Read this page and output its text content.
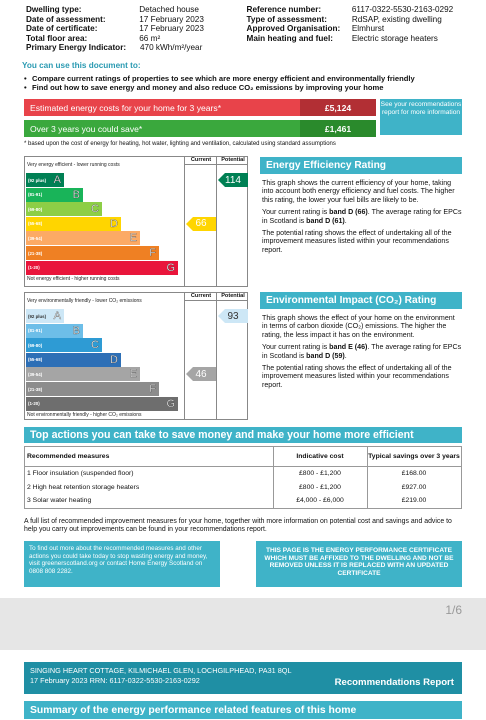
Dwelling type:	Detached house	Reference number:	6117-0322-5530-2163-0292
Date of assessment:	17 February 2023	Type of assessment:	RdSAP, existing dwelling
Date of certificate:	17 February 2023	Approved Organisation:	Elmhurst
Total floor area:	66 m²	Main heating and fuel:	Electric storage heaters
Primary Energy Indicator:	470 kWh/m²/year
You can use this document to:
• Compare current ratings of properties to see which are more energy efficient and environmentally friendly
• Find out how to save energy and money and also reduce CO₂ emissions by improving your home
Estimated energy costs for your home for 3 years*	£5,124
Over 3 years you could save*	£1,461
See your recommendations report for more information
* based upon the cost of energy for heating, hot water, lighting and ventilation, calculated using standard assumptions
Current	Potential
Very energy efficient - lower running costs
(92 plus) A
(81-91)	B
(69-80)	C
(55-68)	D
(39-54)	E
(21-38)	F
(1-20)	G
Not energy efficient - higher running costs
66
114
Energy Efficiency Rating

This graph shows the current efficiency of your home, taking into account both energy efficiency and fuel costs. The higher this rating, the lower your fuel bills are likely to be.

Your current rating is band D (66). The average rating for EPCs in Scotland is band D (61).

The potential rating shows the effect of undertaking all of the improvement measures listed within your recommendations report.

Current	Potential
Very environmentally friendly - lower CO₂ emissions
(92 plus) A
(81-91)	B
(69-80)	C
(55-68)	D
(39-54)	E
(21-38)	F
(1-20)	G
Not environmentally friendly - higher CO₂ emissions
46
93
Environmental Impact (CO₂) Rating

This graph shows the effect of your home on the environment in terms of carbon dioxide (CO₂) emissions. The higher the rating, the less impact it has on the environment.

Your current rating is band E (46). The average rating for EPCs in Scotland is band D (59).

The potential rating shows the effect of undertaking all of the improvement measures listed within your recommendations report.

Top actions you can take to save money and make your home more efficient
Recommended measures	Indicative cost	Typical savings over 3 years
1 Floor insulation (suspended floor)	£800 - £1,200	£168.00
2 High heat retention storage heaters	£800 - £1,200	£927.00
3 Solar water heating	£4,000 - £6,000	£219.00
A full list of recommended improvement measures for your home, together with more information on potential cost and savings and advice to help you carry out improvements can be found in your recommendations report.
To find out more about the recommended measures and other actions you could take today to stop wasting energy and money, visit greenerscotland.org or contact Home Energy Scotland on 0808 808 2282.
THIS PAGE IS THE ENERGY PERFORMANCE CERTIFICATE WHICH MUST BE AFFIXED TO THE DWELLING AND NOT BE REMOVED UNLESS IT IS REPLACED WITH AN UPDATED CERTIFICATE
1/6
SINGING HEART COTTAGE, KILMICHAEL GLEN, LOCHGILPHEAD, PA31 8QL
17 February 2023 RRN: 6117-0322-5530-2163-0292	Recommendations Report
Summary of the energy performance related features of this home
